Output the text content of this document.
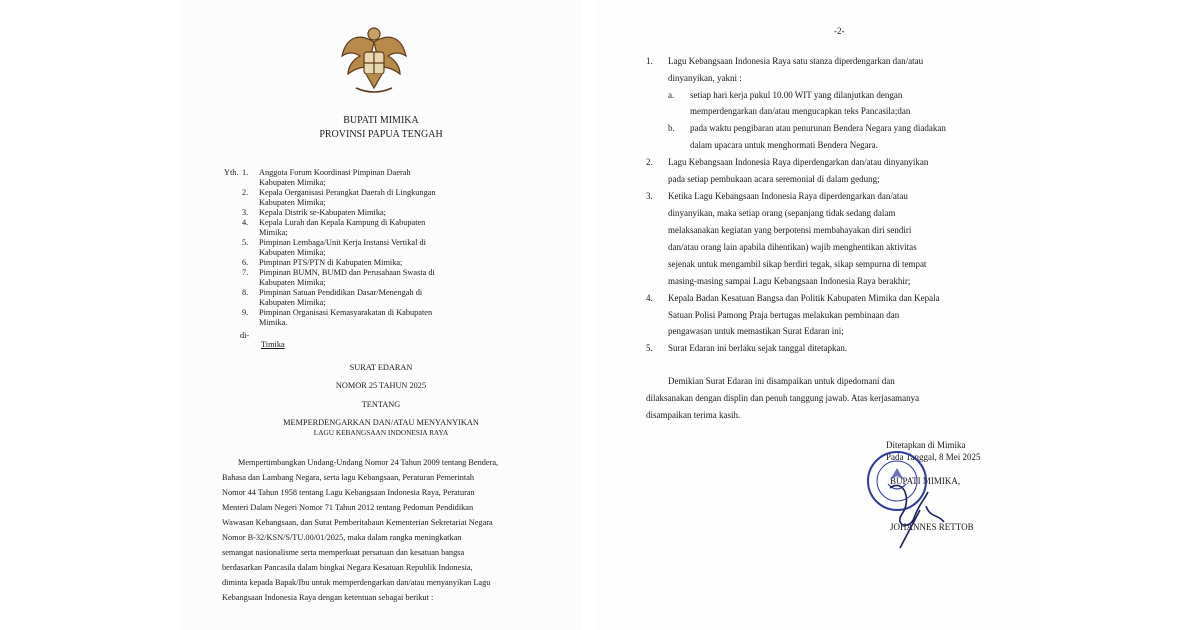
BUPATI MIMIKA
PROVINSI PAPUA TENGAH
Yth. 1. Anggota Forum Koordinasi Pimpinan Daerah
Kabupaten Mimika;
2. Kepala Oerganisasi Perangkat Daerah di Lingkungan
Kabupaten Mimika;
3. Kepala Distrik se-Kabupaten Mimika;
4. Kepala Lurah dan Kepala Kampung di Kabupaten
Mimika;
5. Pimpinan Lembaga/Unit Kerja Instansi Vertikal di
Kabupaten Mimika;
6. Pimpinan PTS/PTN di Kabupaten Mimika;
7. Pimpinan BUMN, BUMD dan Perusahaan Swasta di
Kabupaten Mimika;
8. Pimpinan Satuan Pendidikan Dasar/Menengah di
Kabupaten Mimika;
9. Pimpinan Organisasi Kemasyarakatan di Kabupaten
Mimika.
di-
Timika
SURAT EDARAN
NOMOR 25 TAHUN 2025
TENTANG
MEMPERDENGARKAN DAN/ATAU MENYANYIKAN
LAGU KEBANGSAAN INDONESIA RAYA
Mempertimbangkan Undang-Undang Nomor 24 Tahun 2009 tentang Bendera,
Bahasa dan Lambang Negara, serta lagu Kebangsaan, Peraturan Pemerintah
Nomor 44 Tahun 1958 tentang Lagu Kebangsaan Indonesia Raya, Peraturan
Menteri Dalam Negeri Nomor 71 Tahun 2012 tentang Pedoman Pendidikan
Wawasan Kebangsaan, dan Surat Pemberitahaun Kementerian Sekretariat Negara
Nomor B-32/KSN/S/TU.00/01/2025, maka dalam rangka meningkatkan
semangat nasionalisme serta memperkuat persatuan dan kesatuan bangsa
berdasarkan Pancasila dalam bingkai Negara Kesatuan Republik Indonesia,
diminta kepada Bapak/Ibu untuk memperdengarkan dan/atau menyanyikan Lagu
Kebangsaan Indonesia Raya dengan ketentuan sebagai berikut :
-2-
1. Lagu Kebangsaan Indonesia Raya satu stanza diperdengarkan dan/atau
dinyanyikan, yakni :
a. setiap hari kerja pukul 10.00 WIT yang dilanjutkan dengan
memperdengarkan dan/atau mengucapkan teks Pancasila;dan
b. pada waktu pengibaran atau penurunan Bendera Negara yang diadakan
dalam upacara untuk menghormati Bendera Negara.
2. Lagu Kebangsaan Indonesia Raya diperdengarkan dan/atau dinyanyikan
pada setiap pembukaan acara seremonial di dalam gedung;
3. Ketika Lagu Kebangsaan Indonesia Raya diperdengarkan dan/atau
dinyanyikan, maka setiap orang (sepanjang tidak sedang dalam
melaksanakan kegiatan yang berpotensi membahayakan diri sendiri
dan/atau orang lain apabila dihentikan) wajib menghentikan aktivitas
sejenak untuk mengambil sikap berdiri tegak, sikap sempurna di tempat
masing-masing sampai Lagu Kebangsaan Indonesia Raya berakhir;
4. Kepala Badan Kesatuan Bangsa dan Politik Kabupaten Mimika dan Kepala
Satuan Polisi Pamong Praja bertugas melakukan pembinaan dan
pengawasan untuk memastikan Surat Edaran ini;
5. Surat Edaran ini berlaku sejak tanggal ditetapkan.
Demikian Surat Edaran ini disampaikan untuk dipedomani dan
dilaksanakan dengan displin dan penuh tanggung jawab. Atas kerjasamanya
disampaikan terima kasih.
Ditetapkan di Mimika
Pada Tanggal, 8 Mei 2025
BUPATI MIMIKA,
JOHANNES RETTOB
